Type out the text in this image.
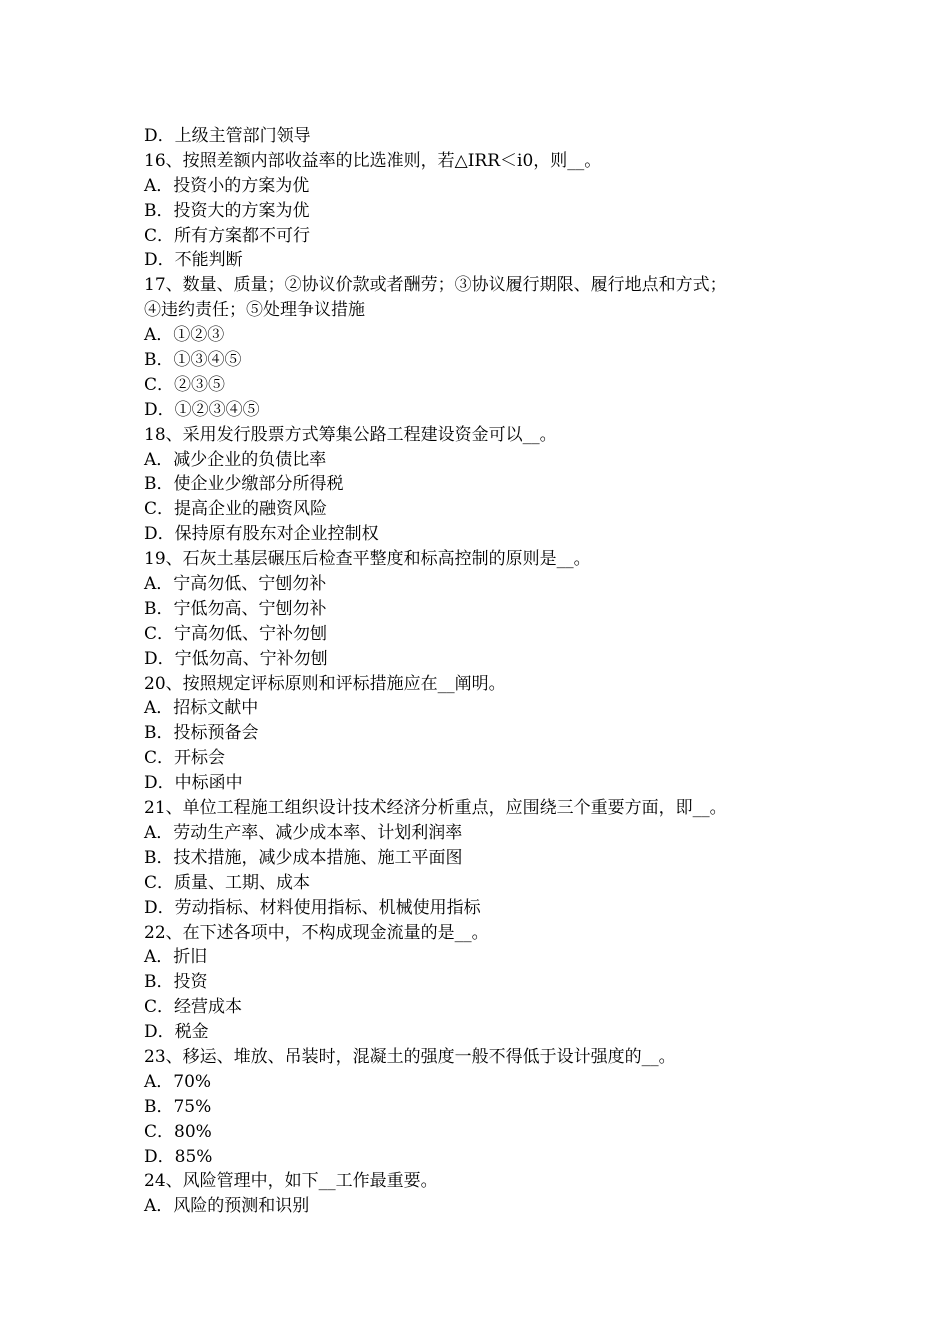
D．上级主管部门领导
16、按照差额内部收益率的比选准则，若△IRR＜i0，则__。
A．投资小的方案为优
B．投资大的方案为优
C．所有方案都不可行
D．不能判断
17、数量、质量；②协议价款或者酬劳；③协议履行期限、履行地点和方式；
④违约责任；⑤处理争议措施
A．①②③
B．①③④⑤
C．②③⑤
D．①②③④⑤
18、采用发行股票方式筹集公路工程建设资金可以__。
A．减少企业的负债比率
B．使企业少缴部分所得税
C．提高企业的融资风险
D．保持原有股东对企业控制权
19、石灰土基层碾压后检查平整度和标高控制的原则是__。
A．宁高勿低、宁刨勿补
B．宁低勿高、宁刨勿补
C．宁高勿低、宁补勿刨
D．宁低勿高、宁补勿刨
20、按照规定评标原则和评标措施应在__阐明。
A．招标文献中
B．投标预备会
C．开标会
D．中标函中
21、单位工程施工组织设计技术经济分析重点，应围绕三个重要方面，即__。
A．劳动生产率、减少成本率、计划利润率
B．技术措施，减少成本措施、施工平面图
C．质量、工期、成本
D．劳动指标、材料使用指标、机械使用指标
22、在下述各项中，不构成现金流量的是__。
A．折旧
B．投资
C．经营成本
D．税金
23、移运、堆放、吊装时，混凝土的强度一般不得低于设计强度的__。
A．70%
B．75%
C．80%
D．85%
24、风险管理中，如下__工作最重要。
A．风险的预测和识别
